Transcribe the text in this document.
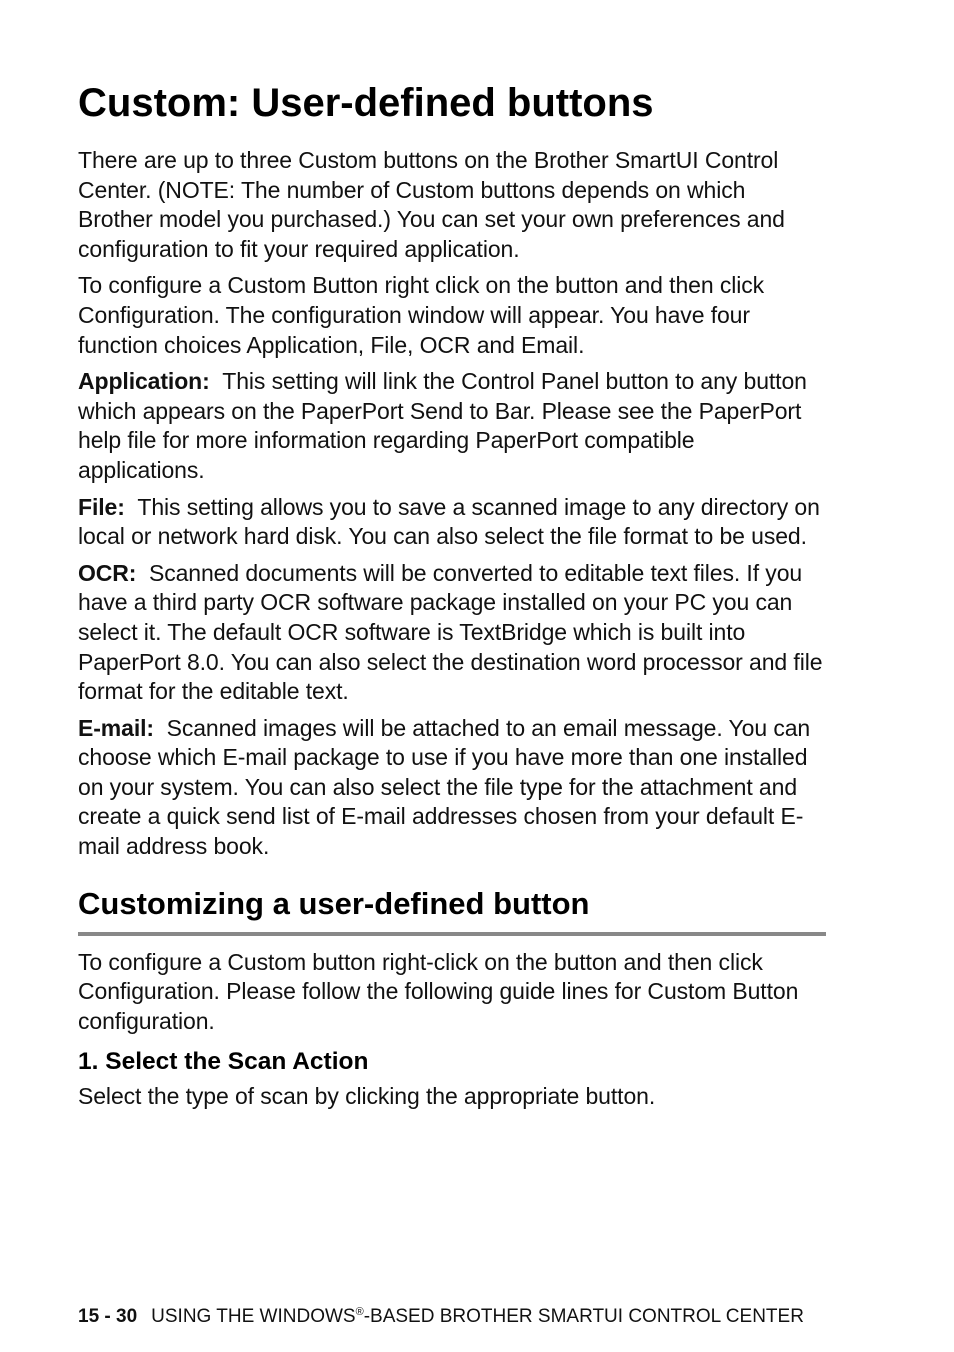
Custom: User-defined buttons

There are up to three Custom buttons on the Brother SmartUI Control Center. (NOTE: The number of Custom buttons depends on which Brother model you purchased.) You can set your own preferences and configuration to fit your required application.

To configure a Custom Button right click on the button and then click Configuration. The configuration window will appear. You have four function choices Application, File, OCR and Email.

Application: This setting will link the Control Panel button to any button which appears on the PaperPort Send to Bar. Please see the PaperPort help file for more information regarding PaperPort compatible applications.

File: This setting allows you to save a scanned image to any directory on local or network hard disk. You can also select the file format to be used.

OCR: Scanned documents will be converted to editable text files. If you have a third party OCR software package installed on your PC you can select it. The default OCR software is TextBridge which is built into PaperPort 8.0. You can also select the destination word processor and file format for the editable text.

E-mail: Scanned images will be attached to an email message. You can choose which E-mail package to use if you have more than one installed on your system. You can also select the file type for the attachment and create a quick send list of E-mail addresses chosen from your default E-mail address book.

Customizing a user-defined button

To configure a Custom button right-click on the button and then click Configuration. Please follow the following guide lines for Custom Button configuration.

1. Select the Scan Action

Select the type of scan by clicking the appropriate button.

15 - 30 USING THE WINDOWS®-BASED BROTHER SMARTUI CONTROL CENTER
